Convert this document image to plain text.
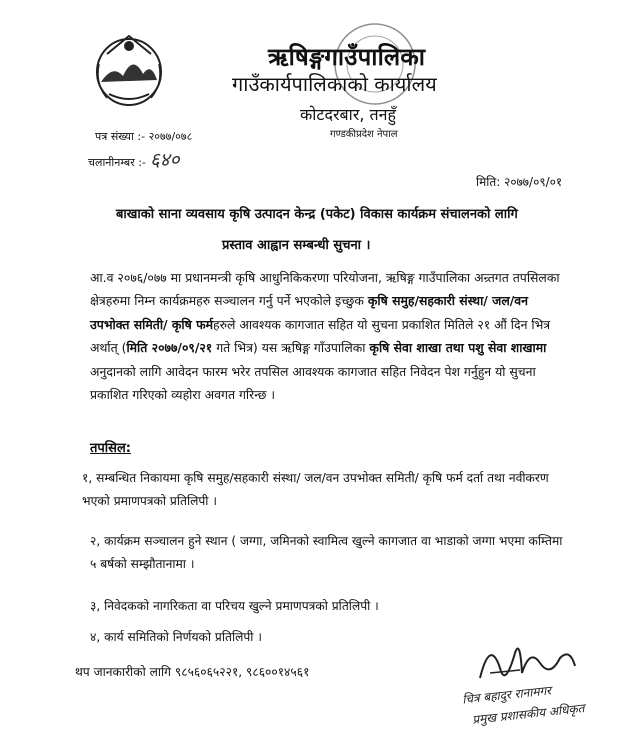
ऋषिङ्गगाउँपालिका
गाउँकार्यपालिकाको कार्यालय
कोटदरबार, तनहुँ
गण्डकीप्रदेश नेपाल
पत्र संख्या :- २०७७/०७८
चलानीनम्बर :- ६४०
मिति: २०७७/०९/०१
बाखाको साना व्यवसाय कृषि उत्पादन केन्द्र (पकेट) विकास कार्यक्रम संचालनको लागि
प्रस्ताव आह्वान सम्बन्धी सुचना ।
आ.व २०७६/०७७ मा प्रधानमन्त्री कृषि आधुनिकिकरणा परियोजना, ऋषिङ्ग गाउँपालिका अन्र्तगत तपसिलका क्षेत्रहरुमा निम्न कार्यक्रमहरु सञ्चालन गर्नु पर्ने भएकोले इच्छुक कृषि समुह/सहकारी संस्था/ जल/वन उपभोक्त समिती/ कृषि फर्महरुले आवश्यक कागजात सहित यो सुचना प्रकाशित मितिले २१ औं दिन भित्र अर्थात् (मिति २०७७/०९/२१ गते भित्र) यस ऋषिङ्ग गाँउपालिका कृषि सेवा शाखा तथा पशु सेवा शाखामा अनुदानको लागि आवेदन फारम भरेर तपसिल आवश्यक कागजात सहित निवेदन पेश गर्नुहुन यो सुचना प्रकाशित गरिएको व्यहोरा अवगत गरिन्छ ।
तपसिल:
१, सम्बन्धित निकायमा कृषि समुह/सहकारी संस्था/ जल/वन उपभोक्त समिती/ कृषि फर्म दर्ता तथा नवीकरण भएको प्रमाणपत्रको प्रतिलिपी ।
२, कार्यक्रम सञ्चालन हुने स्थान ( जग्गा, जमिनको स्वामित्व खुल्ने कागजात वा भाडाको जग्गा भएमा कम्तिमा ५ बर्षको सम्झौतानामा ।
३, निवेदकको नागरिकता वा परिचय खुल्ने प्रमाणपत्रको प्रतिलिपी ।
४, कार्य समितिको निर्णयको प्रतिलिपी ।
थप जानकारीको लागि ९८५६०६५२२१, ९८६००१४५६१
चित्र बहादुर रानामगर
प्रमुख प्रशासकीय अधिकृत
